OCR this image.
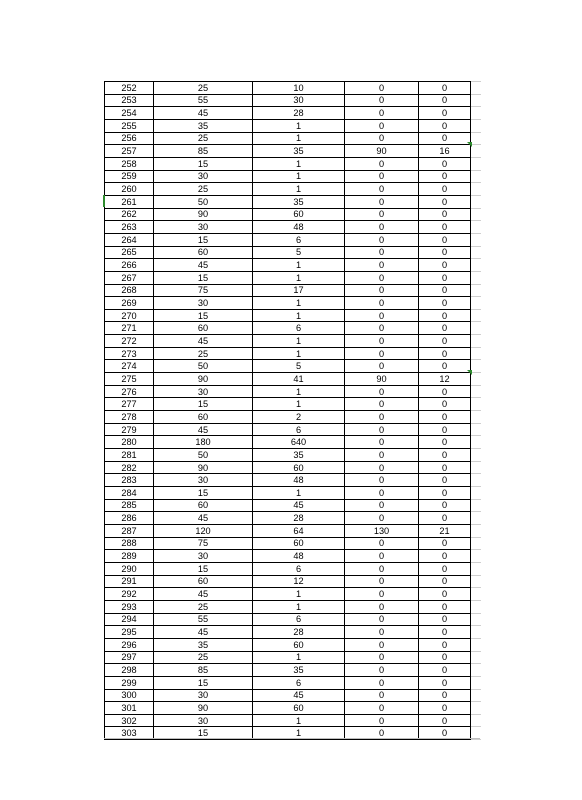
252	25	10	0	0	
253	55	30	0	0	
254	45	28	0	0	
255	35	1	0	0	
256	25	1	0	0	
257	85	35	90	16	
258	15	1	0	0	
259	30	1	0	0	
260	25	1	0	0	
261	50	35	0	0	
262	90	60	0	0	
263	30	48	0	0	
264	15	6	0	0	
265	60	5	0	0	
266	45	1	0	0	
267	15	1	0	0	
268	75	17	0	0	
269	30	1	0	0	
270	15	1	0	0	
271	60	6	0	0	
272	45	1	0	0	
273	25	1	0	0	
274	50	5	0	0	
275	90	41	90	12	
276	30	1	0	0	
277	15	1	0	0	
278	60	2	0	0	
279	45	6	0	0	
280	180	640	0	0	
281	50	35	0	0	
282	90	60	0	0	
283	30	48	0	0	
284	15	1	0	0	
285	60	45	0	0	
286	45	28	0	0	
287	120	64	130	21	
288	75	60	0	0	
289	30	48	0	0	
290	15	6	0	0	
291	60	12	0	0	
292	45	1	0	0	
293	25	1	0	0	
294	55	6	0	0	
295	45	28	0	0	
296	35	60	0	0	
297	25	1	0	0	
298	85	35	0	0	
299	15	6	0	0	
300	30	45	0	0	
301	90	60	0	0	
302	30	1	0	0	
303	15	1	0	0	
